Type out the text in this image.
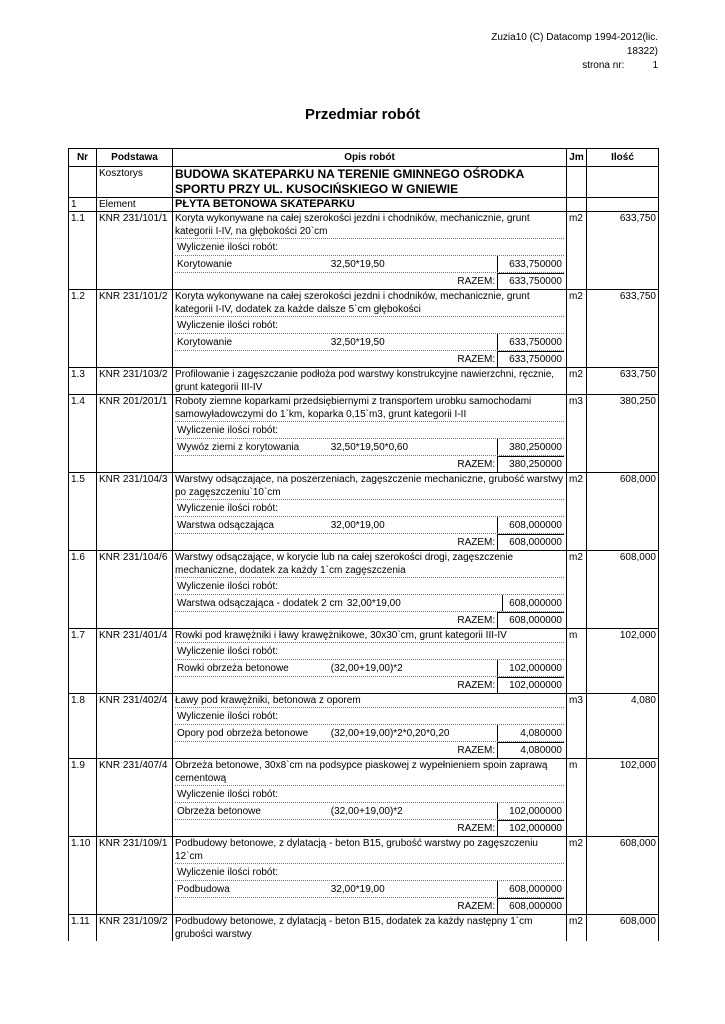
Zuzia10 (C) Datacomp 1994-2012(lic.
18322)
strona nr:	1
Przedmiar robót
Nr	Podstawa	Opis robót	Jm	Ilość
	Kosztorys	BUDOWA SKATEPARKU NA TERENIE GMINNEGO OŚRODKA SPORTU PRZY UL. KUSOCIŃSKIEGO W GNIEWIE		
1	Element	PŁYTA BETONOWA SKATEPARKU		
1.1	KNR 231/101/1	Koryta wykonywane na całej szerokości jezdni i chodników, mechanicznie, grunt kategorii I-IV, na głębokości 20`cm	m2	633,750

Wyliczenie ilości robót:		

Korytowanie 32,50*19,50 633,750000		

RAZEM: 633,750000		

1.2	KNR 231/101/2	Koryta wykonywane na całej szerokości jezdni i chodników, mechanicznie, grunt kategorii I-IV, dodatek za każde dalsze 5`cm głębokości	m2	633,750

Wyliczenie ilości robót:		

Korytowanie 32,50*19,50 633,750000		

RAZEM: 633,750000		

1.3	KNR 231/103/2	Profilowanie i zagęszczanie podłoża pod warstwy konstrukcyjne nawierzchni, ręcznie, grunt kategorii III-IV	m2	633,750
1.4	KNR 201/201/1	Roboty ziemne koparkami przedsiębiernymi z transportem urobku samochodami samowyładowczymi do 1`km, koparka 0,15`m3, grunt kategorii I-II	m3	380,250

Wyliczenie ilości robót:		

Wywóz ziemi z korytowania 32,50*19,50*0,60 380,250000		

RAZEM: 380,250000		

1.5	KNR 231/104/3	Warstwy odsączające, na poszerzeniach, zagęszczenie mechaniczne, grubość warstwy po zagęszczeniu`10`cm	m2	608,000

Wyliczenie ilości robót:		

Warstwa odsączająca 32,00*19,00 608,000000		

RAZEM: 608,000000		

1.6	KNR 231/104/6	Warstwy odsączające, w korycie lub na całej szerokości drogi, zagęszczenie mechaniczne, dodatek za każdy 1`cm zagęszczenia	m2	608,000

Wyliczenie ilości robót:		

Warstwa odsączająca - dodatek 2 cm 32,00*19,00 608,000000		

RAZEM: 608,000000		

1.7	KNR 231/401/4	Rowki pod krawężniki i ławy krawężnikowe, 30x30`cm, grunt kategorii III-IV	m	102,000

Wyliczenie ilości robót:		

Rowki obrzeża betonowe (32,00+19,00)*2 102,000000		

RAZEM: 102,000000		

1.8	KNR 231/402/4	Ławy pod krawężniki, betonowa z oporem	m3	4,080

Wyliczenie ilości robót:		

Opory pod obrzeża betonowe (32,00+19,00)*2*0,20*0,20 4,080000		

RAZEM: 4,080000		

1.9	KNR 231/407/4	Obrzeża betonowe, 30x8`cm na podsypce piaskowej z wypełnieniem spoin zaprawą cementową	m	102,000

Wyliczenie ilości robót:		

Obrzeża betonowe (32,00+19,00)*2 102,000000		

RAZEM: 102,000000		

1.10	KNR 231/109/1	Podbudowy betonowe, z dylatacją - beton B15, grubość warstwy po zagęszczeniu 12`cm	m2	608,000

Wyliczenie ilości robót:		

Podbudowa 32,00*19,00 608,000000		

RAZEM: 608,000000		

1.11	KNR 231/109/2	Podbudowy betonowe, z dylatacją - beton B15, dodatek za każdy następny 1`cm grubości warstwy	m2	608,000
